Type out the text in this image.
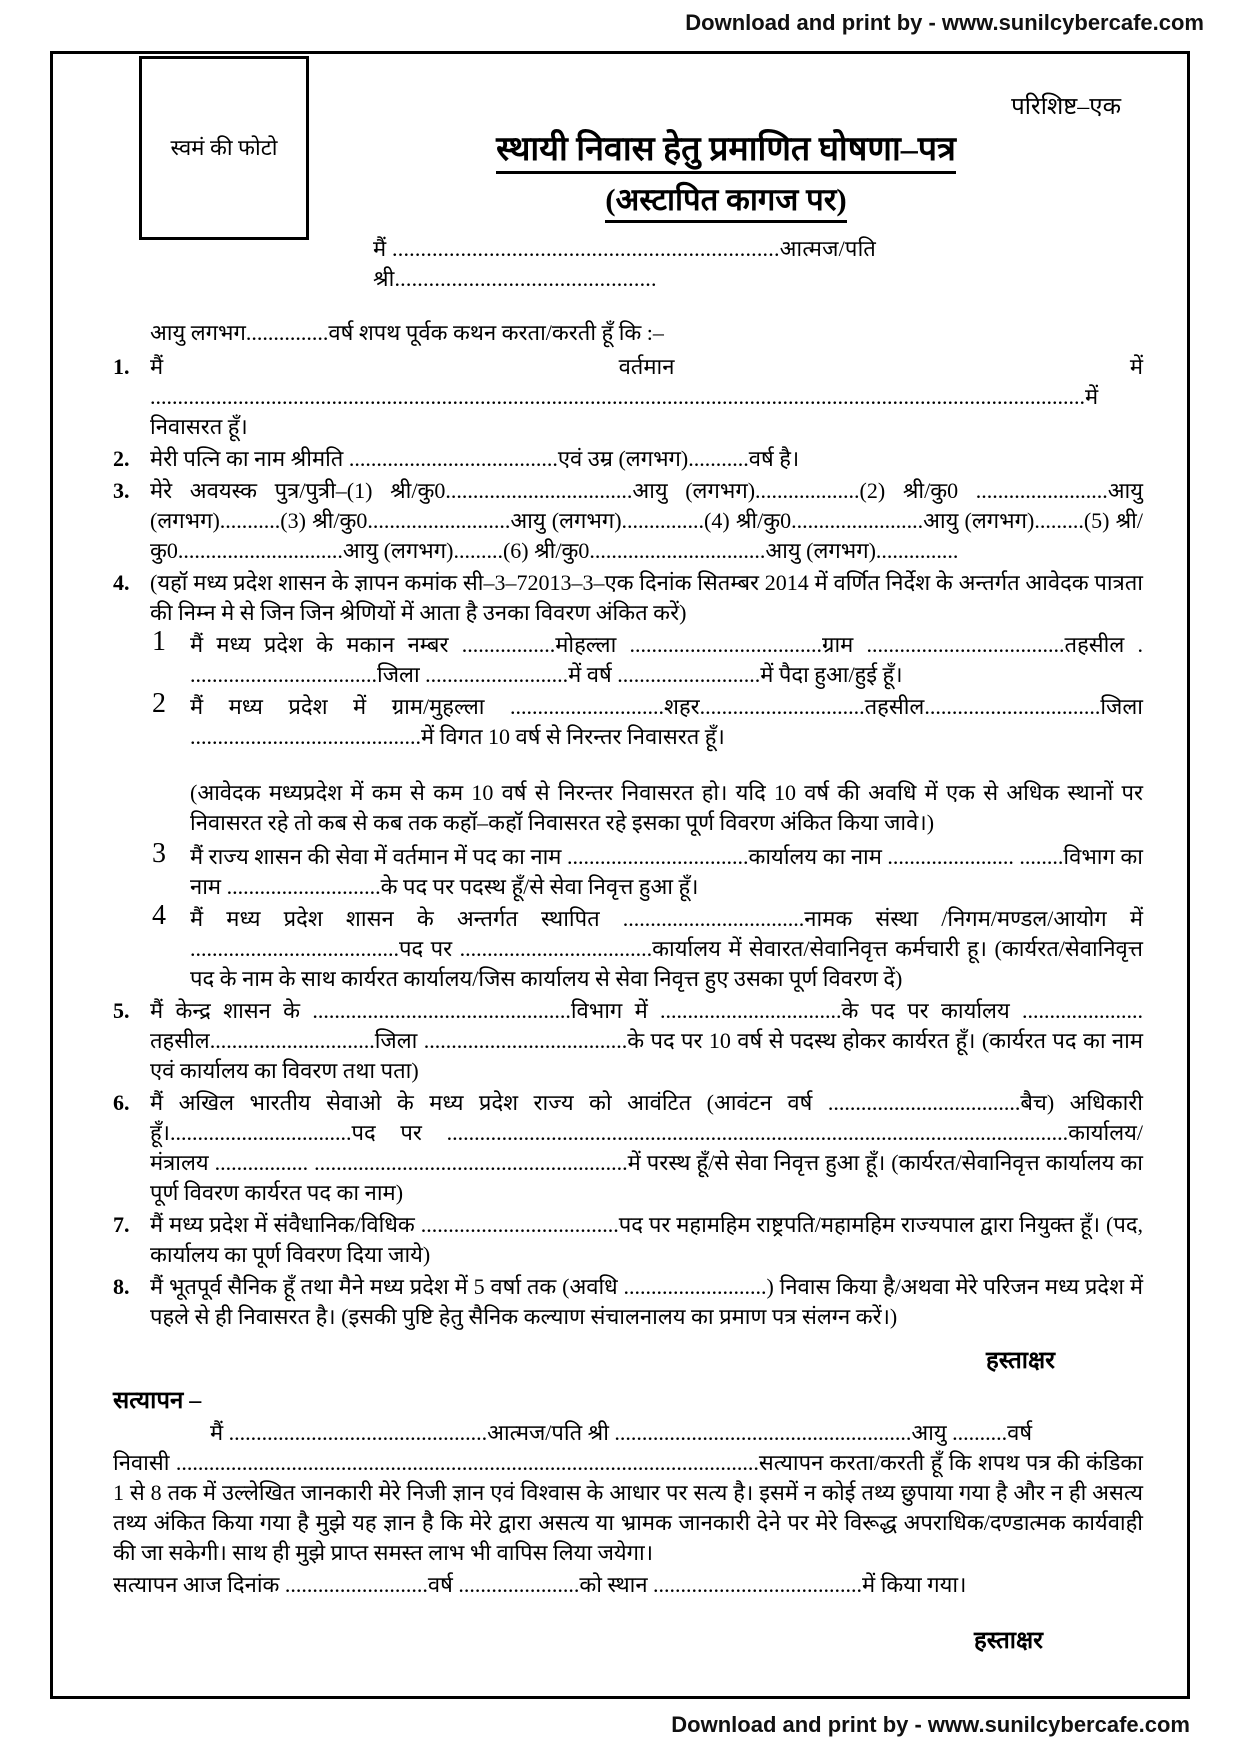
Download and print by - www.sunilcybercafe.com
स्वमं की फोटो
परिशिष्ट–एक
स्थायी निवास हेतु प्रमाणित घोषणा–पत्र
(अस्टापित कागज पर)
मैं ....................................................................आत्मज/पति श्री..............................................
आयु लगभग...............वर्ष शपथ पूर्वक कथन करता/करती हूँ कि :–
1. मैं वर्तमान में ..........................................................................................................................................................................में निवासरत हूँ।
2. मेरी पत्नि का नाम श्रीमति ......................................एवं उम्र (लगभग)...........वर्ष है।
3. मेरे अवयस्क पुत्र/पुत्री–(1) श्री/कु0..................................आयु (लगभग)...................(2) श्री/कु0 ........................आयु (लगभग)...........(3) श्री/कु0..........................आयु (लगभग)...............(4) श्री/कु0........................आयु (लगभग).........(5) श्री/कु0..............................आयु (लगभग).........(6) श्री/कु0................................आयु (लगभग)...............
4. (यहॉ मध्य प्रदेश शासन के ज्ञापन कमांक सी–3–72013–3–एक दिनांक सितम्बर 2014 में वर्णित निर्देश के अन्तर्गत आवेदक पात्रता की निम्न मे से जिन जिन श्रेणियों में आता है उनका विवरण अंकित करें)
1 मैं मध्य प्रदेश के मकान नम्बर .................मोहल्ला ...................................ग्राम ....................................तहसील . ..................................जिला ..........................में वर्ष ..........................में पैदा हुआ/हुई हूँ।
2 मैं मध्य प्रदेश में ग्राम/मुहल्ला ............................शहर..............................तहसील................................जिला ..........................................में विगत 10 वर्ष से निरन्तर निवासरत हूँ।
(आवेदक मध्यप्रदेश में कम से कम 10 वर्ष से निरन्तर निवासरत हो। यदि 10 वर्ष की अवधि में एक से अधिक स्थानों पर निवासरत रहे तो कब से कब तक कहॉ–कहॉ निवासरत रहे इसका पूर्ण विवरण अंकित किया जावे।)
3 मैं राज्य शासन की सेवा में वर्तमान में पद का नाम .................................कार्यालय का नाम ....................... ........विभाग का नाम ............................के पद पर पदस्थ हूँ/से सेवा निवृत्त हुआ हूँ।
4 मैं मध्य प्रदेश शासन के अन्तर्गत स्थापित .................................नामक संस्था /निगम/मण्डल/आयोग में ......................................पद पर ...................................कार्यालय में सेवारत/सेवानिवृत्त कर्मचारी हू। (कार्यरत/सेवानिवृत्त पद के नाम के साथ कार्यरत कार्यालय/जिस कार्यालय से सेवा निवृत्त हुए उसका पूर्ण विवरण दें)
5. मैं केन्द्र शासन के ...............................................विभाग में .................................के पद पर कार्यालय ...................... तहसील..............................जिला .....................................के पद पर 10 वर्ष से पदस्थ होकर कार्यरत हूँ। (कार्यरत पद का नाम एवं कार्यालय का विवरण तथा पता)
6. मैं अखिल भारतीय सेवाओ के मध्य प्रदेश राज्य को आवंटित (आवंटन वर्ष ...................................बैच) अधिकारी हूँ।.................................पद पर .................................................................................................................कार्यालय/मंत्रालय ................. .........................................................में परस्थ हूँ/से सेवा निवृत्त हुआ हूँ। (कार्यरत/सेवानिवृत्त कार्यालय का पूर्ण विवरण कार्यरत पद का नाम)
7. मैं मध्य प्रदेश में संवैधानिक/विधिक ....................................पद पर महामहिम राष्ट्रपति/महामहिम राज्यपाल द्वारा नियुक्त हूँ। (पद, कार्यालय का पूर्ण विवरण दिया जाये)
8. मैं भूतपूर्व सैनिक हूँ तथा मैने मध्य प्रदेश में 5 वर्षा तक (अवधि ..........................) निवास किया है/अथवा मेरे परिजन मध्य प्रदेश में पहले से ही निवासरत है। (इसकी पुष्टि हेतु सैनिक कल्याण संचालनालय का प्रमाण पत्र संलग्न करें।)
हस्ताक्षर
सत्यापन –
मैं ...............................................आत्मज/पति श्री ......................................................आयु ..........वर्ष
निवासी ..........................................................................................................सत्यापन करता/करती हूँ कि शपथ पत्र की कंडिका 1 से 8 तक में उल्लेखित जानकारी मेरे निजी ज्ञान एवं विश्वास के आधार पर सत्य है। इसमें न कोई तथ्य छुपाया गया है और न ही असत्य तथ्य अंकित किया गया है मुझे यह ज्ञान है कि मेरे द्वारा असत्य या भ्रामक जानकारी देने पर मेरे विरूद्ध अपराधिक/दण्डात्मक कार्यवाही की जा सकेगी। साथ ही मुझे प्राप्त समस्त लाभ भी वापिस लिया जयेगा।
सत्यापन आज दिनांक ..........................वर्ष ......................को स्थान ......................................में किया गया।
हस्ताक्षर
Download and print by - www.sunilcybercafe.com
